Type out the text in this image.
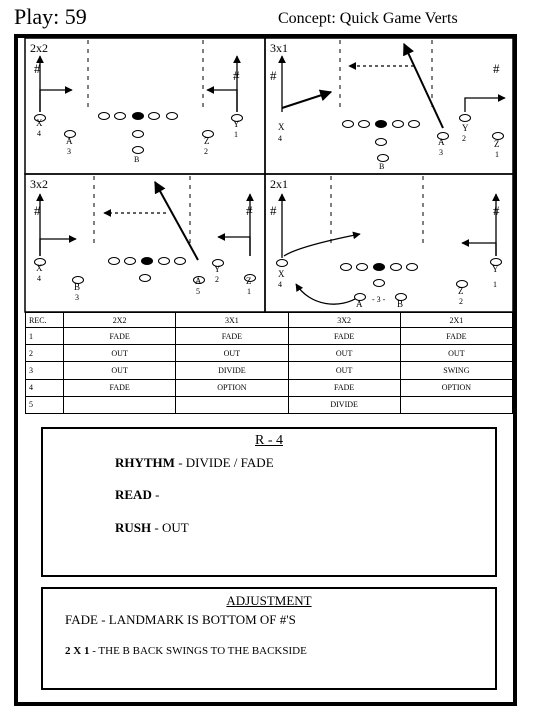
Play: 59	Concept: Quick Game Verts
2x2
#	#
X
4
A
3
B
Z
2
Y
1
3x1
#	#
X
4
B
A
3
Y
2
Z
1
3x2
#	#
X
4
B
3
A
5
Y
2	Z
1
2x1
#	#
X
4
A - 3 - B
Z
2
Y
1
REC.	2X2	3X1	3X2	2X1
1	FADE	FADE	FADE	FADE
2	OUT	OUT	OUT	OUT
3	OUT	DIVIDE	OUT	SWING
4	FADE	OPTION	FADE	OPTION
5			DIVIDE	
R - 4
RHYTHM - DIVIDE / FADE
READ -
RUSH - OUT
ADJUSTMENT
FADE - LANDMARK IS BOTTOM OF #'S
2 X 1 - THE B BACK SWINGS TO THE BACKSIDE
